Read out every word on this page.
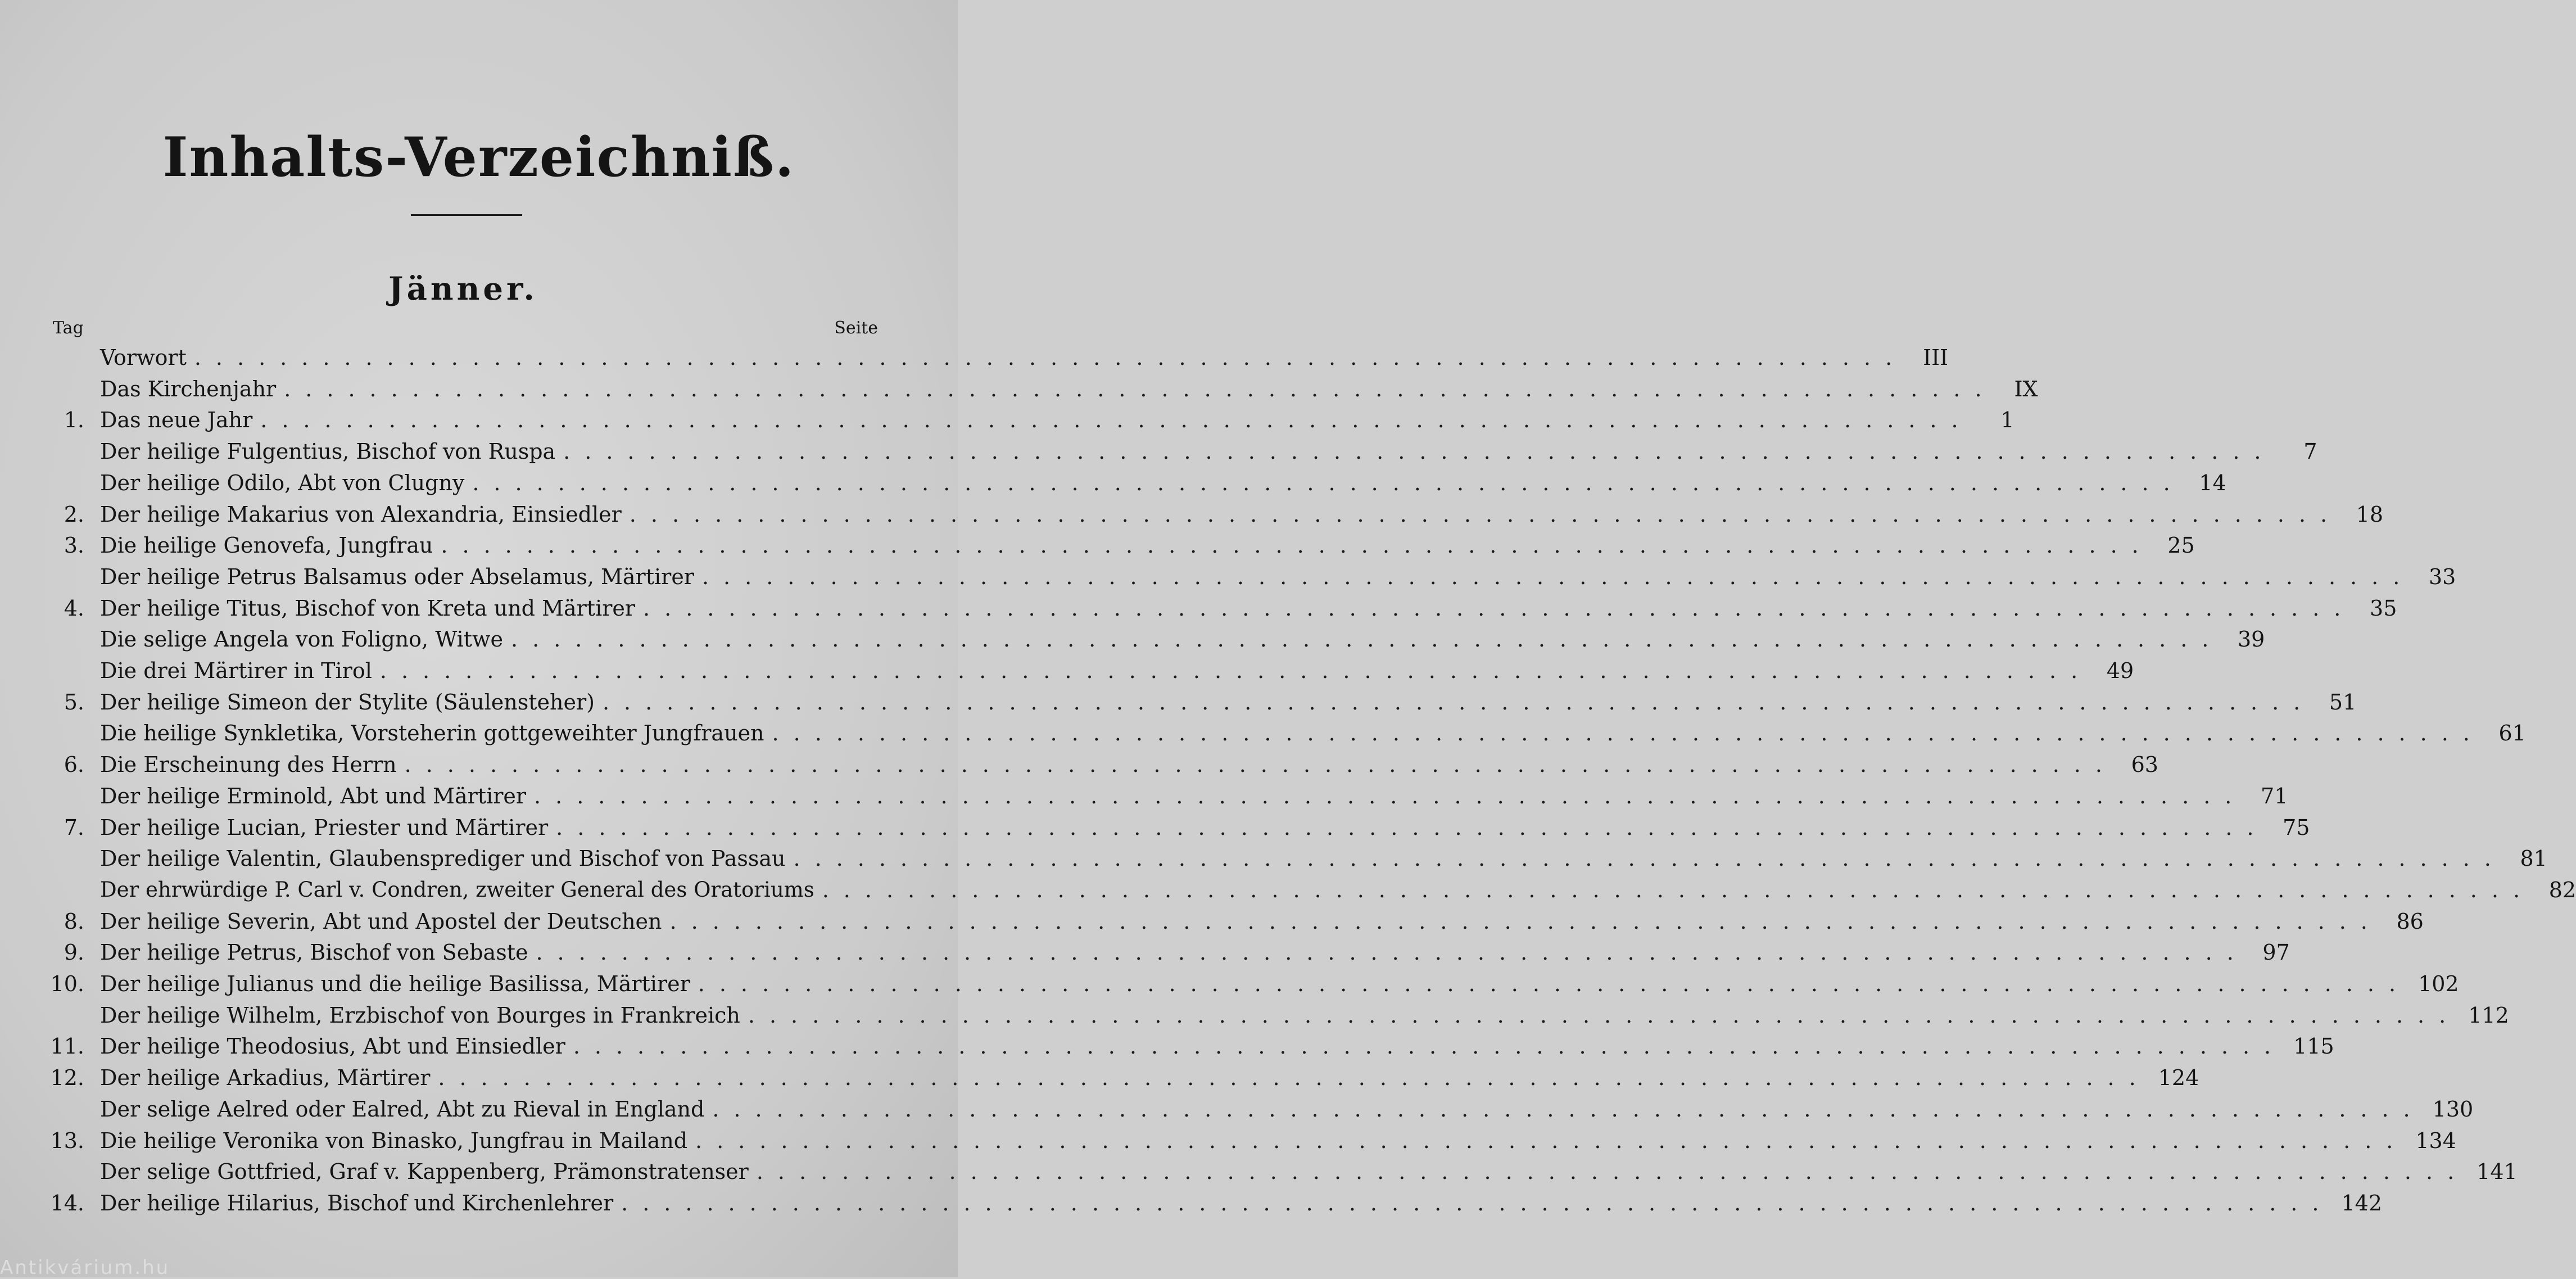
Inhalts-Verzeichniß.
Jänner.
Tag	Seite
Vorwort ................................................................................ III
Das Kirchenjahr ................................................................................ IX
1. Das neue Jahr ................................................................................	1
Der heilige Fulgentius, Bischof von Ruspa ................................................................................	7
Der heilige Odilo, Abt von Clugny ................................................................................ 14
2. Der heilige Makarius von Alexandria, Einsiedler ................................................................................ 18
3. Die heilige Genovefa, Jungfrau ................................................................................ 25
Der heilige Petrus Balsamus oder Abselamus, Märtirer ................................................................................ 33
4. Der heilige Titus, Bischof von Kreta und Märtirer ................................................................................ 35
Die selige Angela von Foligno, Witwe ................................................................................ 39
Die drei Märtirer in Tirol ................................................................................ 49
5. Der heilige Simeon der Stylite (Säulensteher) ................................................................................ 51
Die heilige Synkletika, Vorsteherin gottgeweihter Jungfrauen ................................................................................ 61
6. Die Erscheinung des Herrn ................................................................................ 63
Der heilige Erminold, Abt und Märtirer ................................................................................ 71
7. Der heilige Lucian, Priester und Märtirer ................................................................................ 75
Der heilige Valentin, Glaubensprediger und Bischof von Passau ................................................................................ 81
Der ehrwürdige P. Carl v. Condren, zweiter General des Oratoriums ................................................................................ 82
8. Der heilige Severin, Abt und Apostel der Deutschen ................................................................................ 86
9. Der heilige Petrus, Bischof von Sebaste ................................................................................ 97
10. Der heilige Julianus und die heilige Basilissa, Märtirer ................................................................................ 102
Der heilige Wilhelm, Erzbischof von Bourges in Frankreich ................................................................................ 112
11. Der heilige Theodosius, Abt und Einsiedler ................................................................................ 115
12. Der heilige Arkadius, Märtirer ................................................................................ 124
Der selige Aelred oder Ealred, Abt zu Rieval in England ................................................................................ 130
13. Die heilige Veronika von Binasko, Jungfrau in Mailand ................................................................................ 134
Der selige Gottfried, Graf v. Kappenberg, Prämonstratenser ................................................................................ 141
14. Der heilige Hilarius, Bischof und Kirchenlehrer ................................................................................ 142
Antikvárium.hu
